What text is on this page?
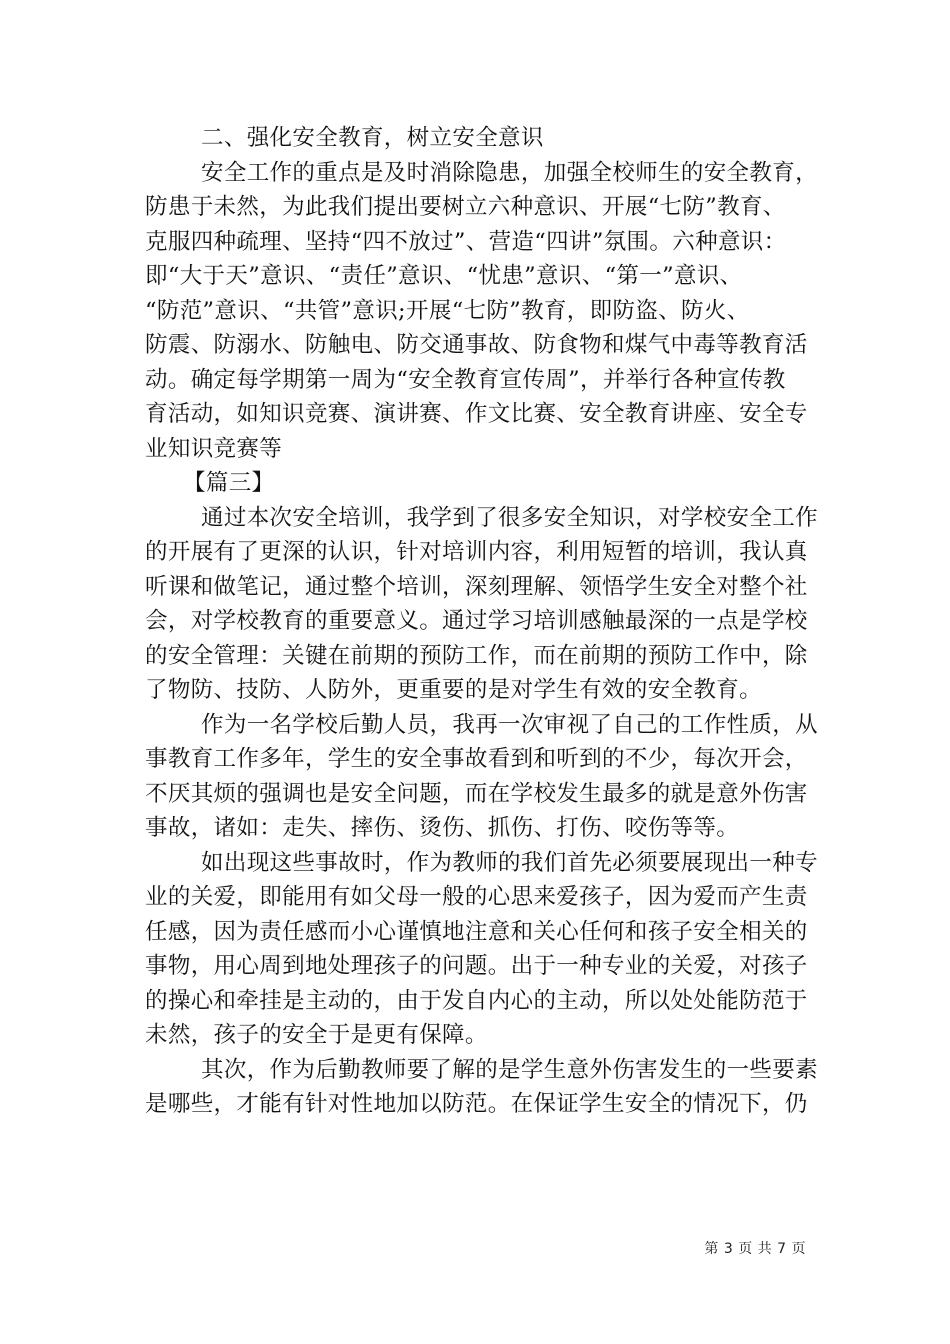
二、强化安全教育，树立安全意识
安全工作的重点是及时消除隐患，加强全校师生的安全教育，
防患于未然，为此我们提出要树立六种意识、开展“七防”教育、
克服四种疏理、坚持“四不放过”、营造“四讲”氛围。六种意识：
即“大于天”意识、“责任”意识、“忧患”意识、“第一”意识、
“防范”意识、“共管”意识;开展“七防”教育，即防盗、防火、
防震、防溺水、防触电、防交通事故、防食物和煤气中毒等教育活
动。确定每学期第一周为“安全教育宣传周”，并举行各种宣传教
育活动，如知识竞赛、演讲赛、作文比赛、安全教育讲座、安全专
业知识竞赛等
【篇三】
通过本次安全培训，我学到了很多安全知识，对学校安全工作
的开展有了更深的认识，针对培训内容，利用短暂的培训，我认真
听课和做笔记，通过整个培训，深刻理解、领悟学生安全对整个社
会，对学校教育的重要意义。通过学习培训感触最深的一点是学校
的安全管理：关键在前期的预防工作，而在前期的预防工作中，除
了物防、技防、人防外，更重要的是对学生有效的安全教育。
作为一名学校后勤人员，我再一次审视了自己的工作性质，从
事教育工作多年，学生的安全事故看到和听到的不少，每次开会，
不厌其烦的强调也是安全问题，而在学校发生最多的就是意外伤害
事故，诸如：走失、摔伤、烫伤、抓伤、打伤、咬伤等等。
如出现这些事故时，作为教师的我们首先必须要展现出一种专
业的关爱，即能用有如父母一般的心思来爱孩子，因为爱而产生责
任感，因为责任感而小心谨慎地注意和关心任何和孩子安全相关的
事物，用心周到地处理孩子的问题。出于一种专业的关爱，对孩子
的操心和牵挂是主动的，由于发自内心的主动，所以处处能防范于
未然，孩子的安全于是更有保障。
其次，作为后勤教师要了解的是学生意外伤害发生的一些要素
是哪些，才能有针对性地加以防范。在保证学生安全的情况下，仍
第 3 页 共 7 页
